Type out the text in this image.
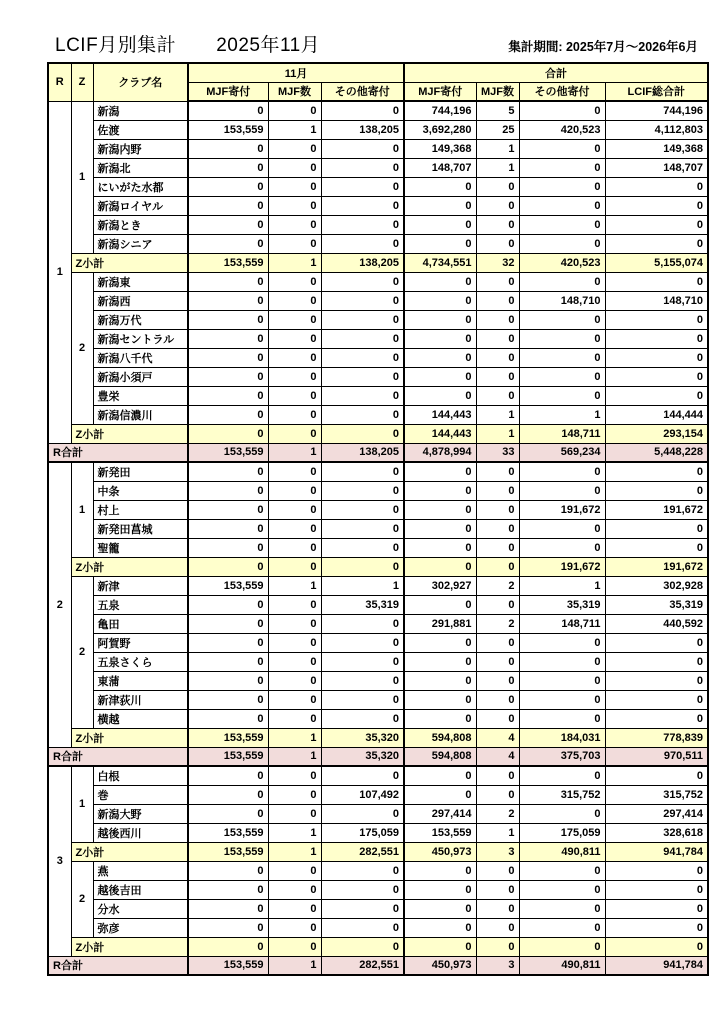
LCIF月別集計 2025年11月	集計期間: 2025年7月～2026年6月
R	Z	クラブ名	11月			合計			
			MJF寄付	MJF数	その他寄付	MJF寄付	MJF数	その他寄付	LCIF総合計
1	1	新潟	0	0	0	744,196	5	0	744,196
		佐渡	153,559	1	138,205	3,692,280	25	420,523	4,112,803
		新潟内野	0	0	0	149,368	1	0	149,368
		新潟北	0	0	0	148,707	1	0	148,707
		にいがた水都	0	0	0	0	0	0	0
		新潟ロイヤル	0	0	0	0	0	0	0
		新潟とき	0	0	0	0	0	0	0
		新潟シニア	0	0	0	0	0	0	0
	Z小計		153,559	1	138,205	4,734,551	32	420,523	5,155,074
	2	新潟東	0	0	0	0	0	0	0
		新潟西	0	0	0	0	0	148,710	148,710
		新潟万代	0	0	0	0	0	0	0
		新潟セントラル	0	0	0	0	0	0	0
		新潟八千代	0	0	0	0	0	0	0
		新潟小須戸	0	0	0	0	0	0	0
		豊栄	0	0	0	0	0	0	0
		新潟信濃川	0	0	0	144,443	1	1	144,444
	Z小計		0	0	0	144,443	1	148,711	293,154
R合計			153,559	1	138,205	4,878,994	33	569,234	5,448,228
2	1	新発田	0	0	0	0	0	0	0
		中条	0	0	0	0	0	0	0
		村上	0	0	0	0	0	191,672	191,672
		新発田菖城	0	0	0	0	0	0	0
		聖籠	0	0	0	0	0	0	0
	Z小計		0	0	0	0	0	191,672	191,672
	2	新津	153,559	1	1	302,927	2	1	302,928
		五泉	0	0	35,319	0	0	35,319	35,319
		亀田	0	0	0	291,881	2	148,711	440,592
		阿賀野	0	0	0	0	0	0	0
		五泉さくら	0	0	0	0	0	0	0
		東蒲	0	0	0	0	0	0	0
		新津荻川	0	0	0	0	0	0	0
		横越	0	0	0	0	0	0	0
	Z小計		153,559	1	35,320	594,808	4	184,031	778,839
R合計			153,559	1	35,320	594,808	4	375,703	970,511
3	1	白根	0	0	0	0	0	0	0
		巻	0	0	107,492	0	0	315,752	315,752
		新潟大野	0	0	0	297,414	2	0	297,414
		越後西川	153,559	1	175,059	153,559	1	175,059	328,618
	Z小計		153,559	1	282,551	450,973	3	490,811	941,784
	2	燕	0	0	0	0	0	0	0
		越後吉田	0	0	0	0	0	0	0
		分水	0	0	0	0	0	0	0
		弥彦	0	0	0	0	0	0	0
	Z小計		0	0	0	0	0	0	0
R合計			153,559	1	282,551	450,973	3	490,811	941,784
